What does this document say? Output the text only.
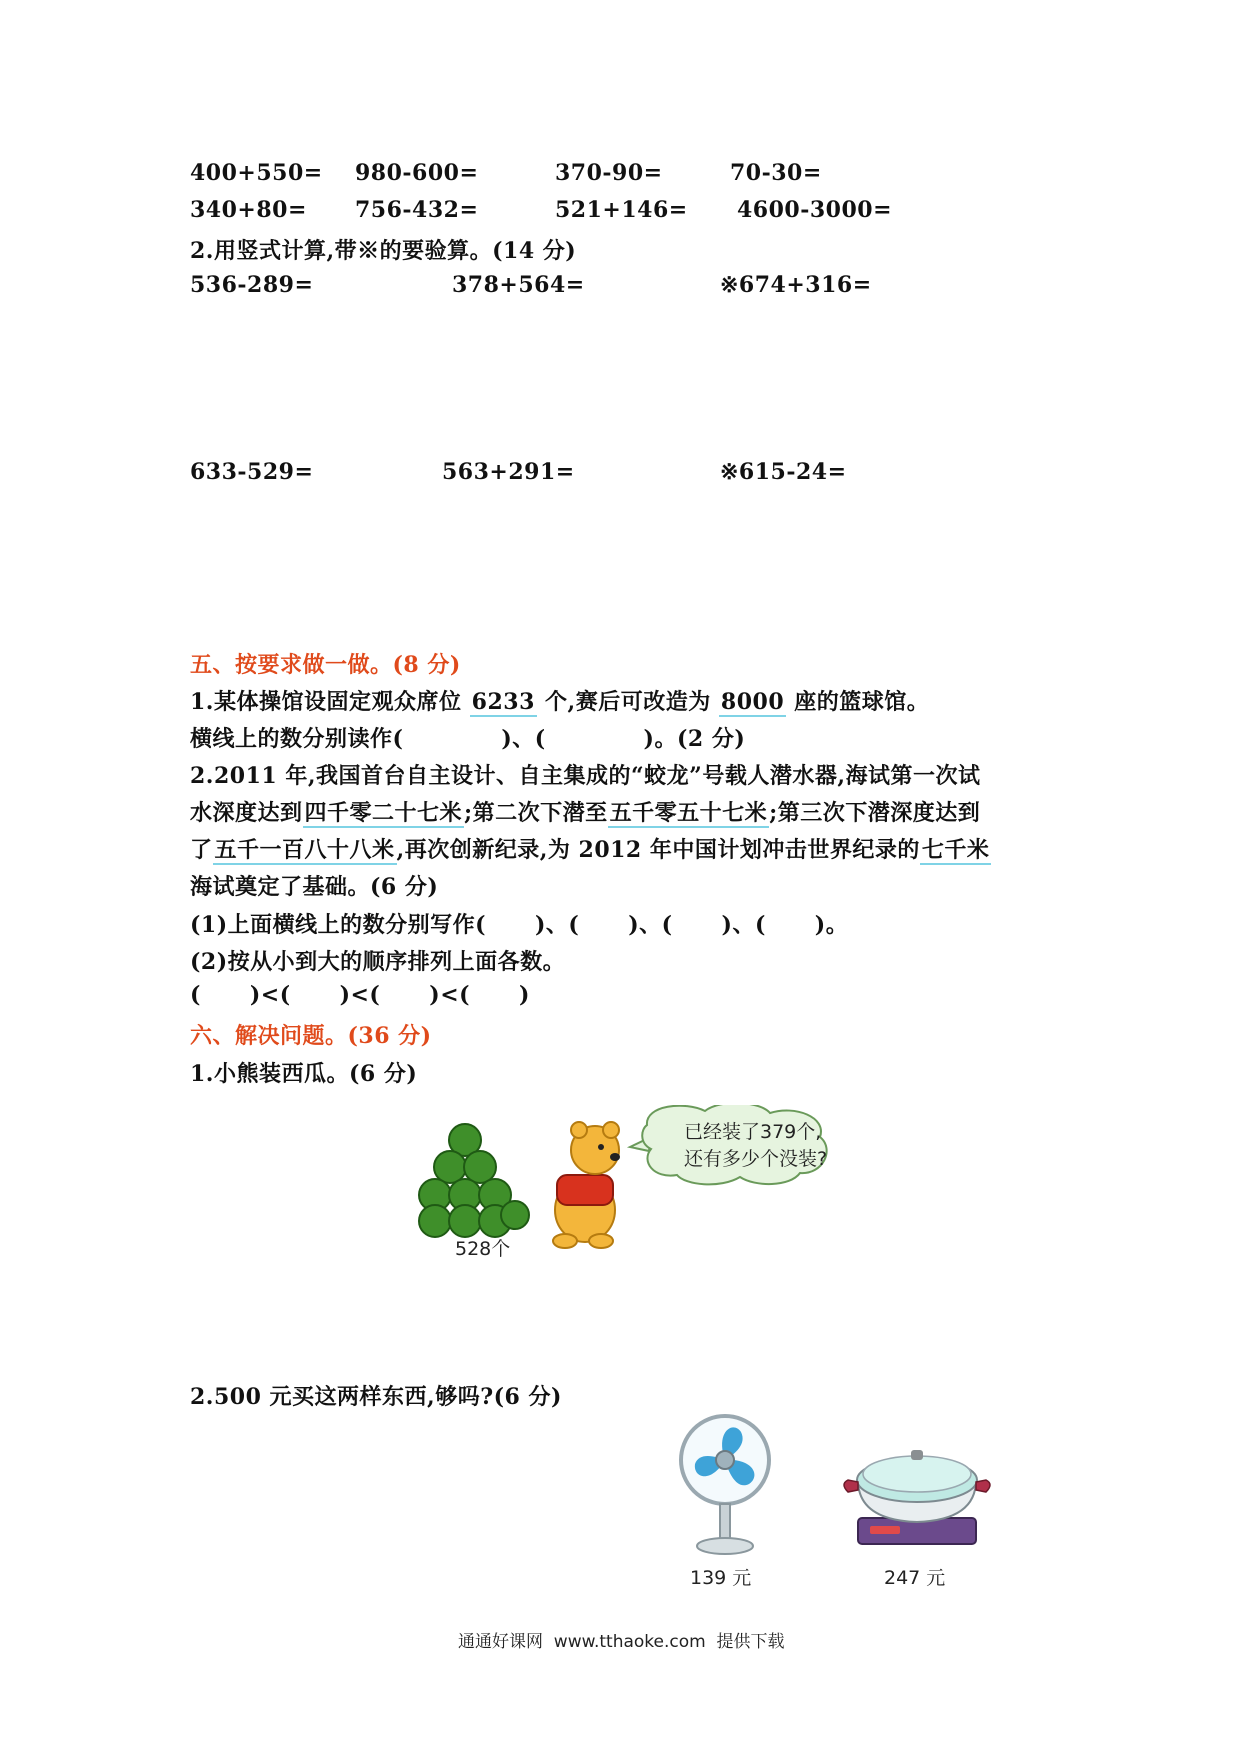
400+550= 980-600=	370-90=	70-30=
340+80= 756-432=	521+146= 4600-3000=
2.用竖式计算,带※的要验算。(14 分)
536-289=	378+564=	※674+316=
633-529=	563+291=	※615-24=
五、按要求做一做。(8 分)
1.某体操馆设固定观众席位 6233 个,赛后可改造为 8000 座的篮球馆。
横线上的数分别读作(            )、(            )。(2 分)
2.2011 年,我国首台自主设计、自主集成的“蛟龙”号载人潜水器,海试第一次试
水深度达到四千零二十七米;第二次下潜至五千零五十七米;第三次下潜深度达到
了五千一百八十八米,再次创新纪录,为 2012 年中国计划冲击世界纪录的七千米
海试奠定了基础。(6 分)
(1)上面横线上的数分别写作(      )、(      )、(      )、(      )。
(2)按从小到大的顺序排列上面各数。
(      )<(      )<(      )<(      )
六、解决问题。(36 分)
1.小熊装西瓜。(6 分)
已经装了379个,
还有多少个没装?
528个
2.500 元买这两样东西,够吗?(6 分)
139 元	247 元
通通好课网  www.tthaoke.com  提供下载
